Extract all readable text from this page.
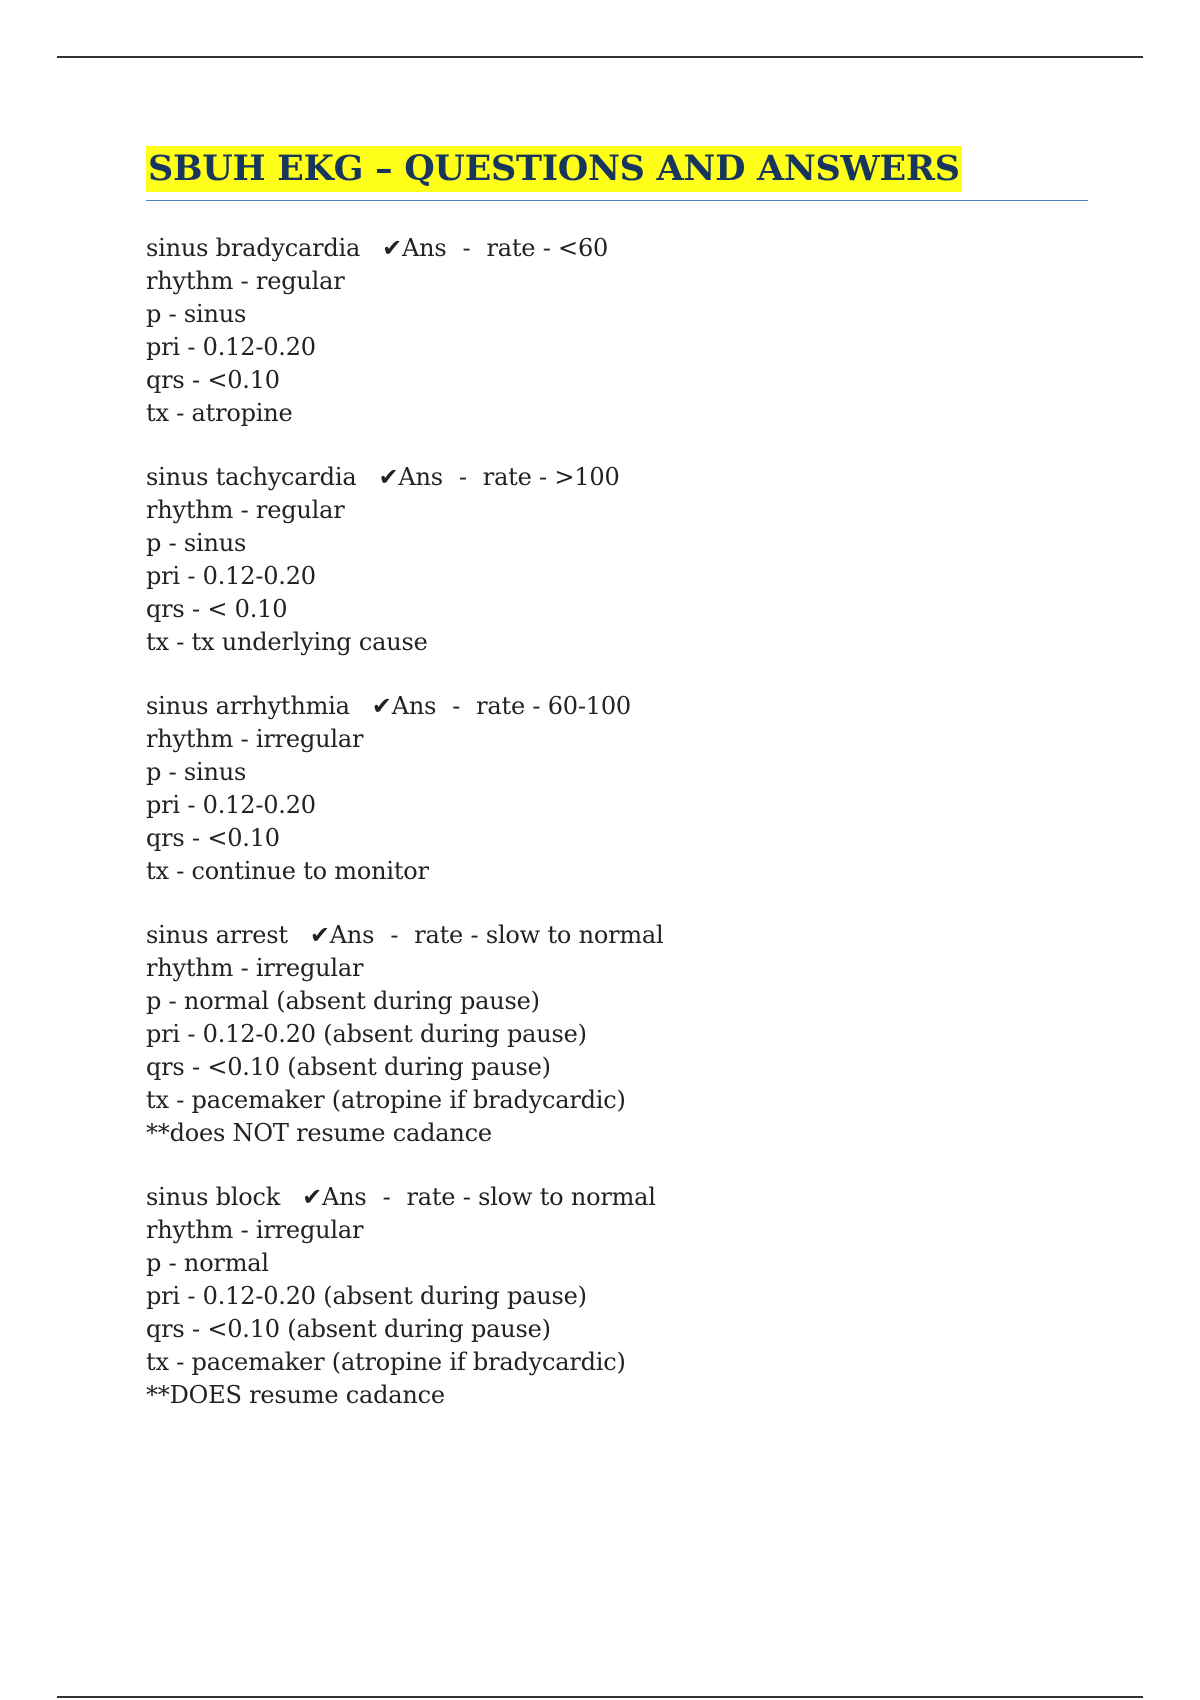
SBUH EKG – QUESTIONS AND ANSWERS
sinus bradycardia ✔Ans - rate - <60
rhythm - regular
p - sinus
pri - 0.12-0.20
qrs - <0.10
tx - atropine
sinus tachycardia ✔Ans - rate - >100
rhythm - regular
p - sinus
pri - 0.12-0.20
qrs - < 0.10
tx - tx underlying cause
sinus arrhythmia ✔Ans - rate - 60-100
rhythm - irregular
p - sinus
pri - 0.12-0.20
qrs - <0.10
tx - continue to monitor
sinus arrest ✔Ans - rate - slow to normal
rhythm - irregular
p - normal (absent during pause)
pri - 0.12-0.20 (absent during pause)
qrs - <0.10 (absent during pause)
tx - pacemaker (atropine if bradycardic)
**does NOT resume cadance
sinus block ✔Ans - rate - slow to normal
rhythm - irregular
p - normal
pri - 0.12-0.20 (absent during pause)
qrs - <0.10 (absent during pause)
tx - pacemaker (atropine if bradycardic)
**DOES resume cadance
